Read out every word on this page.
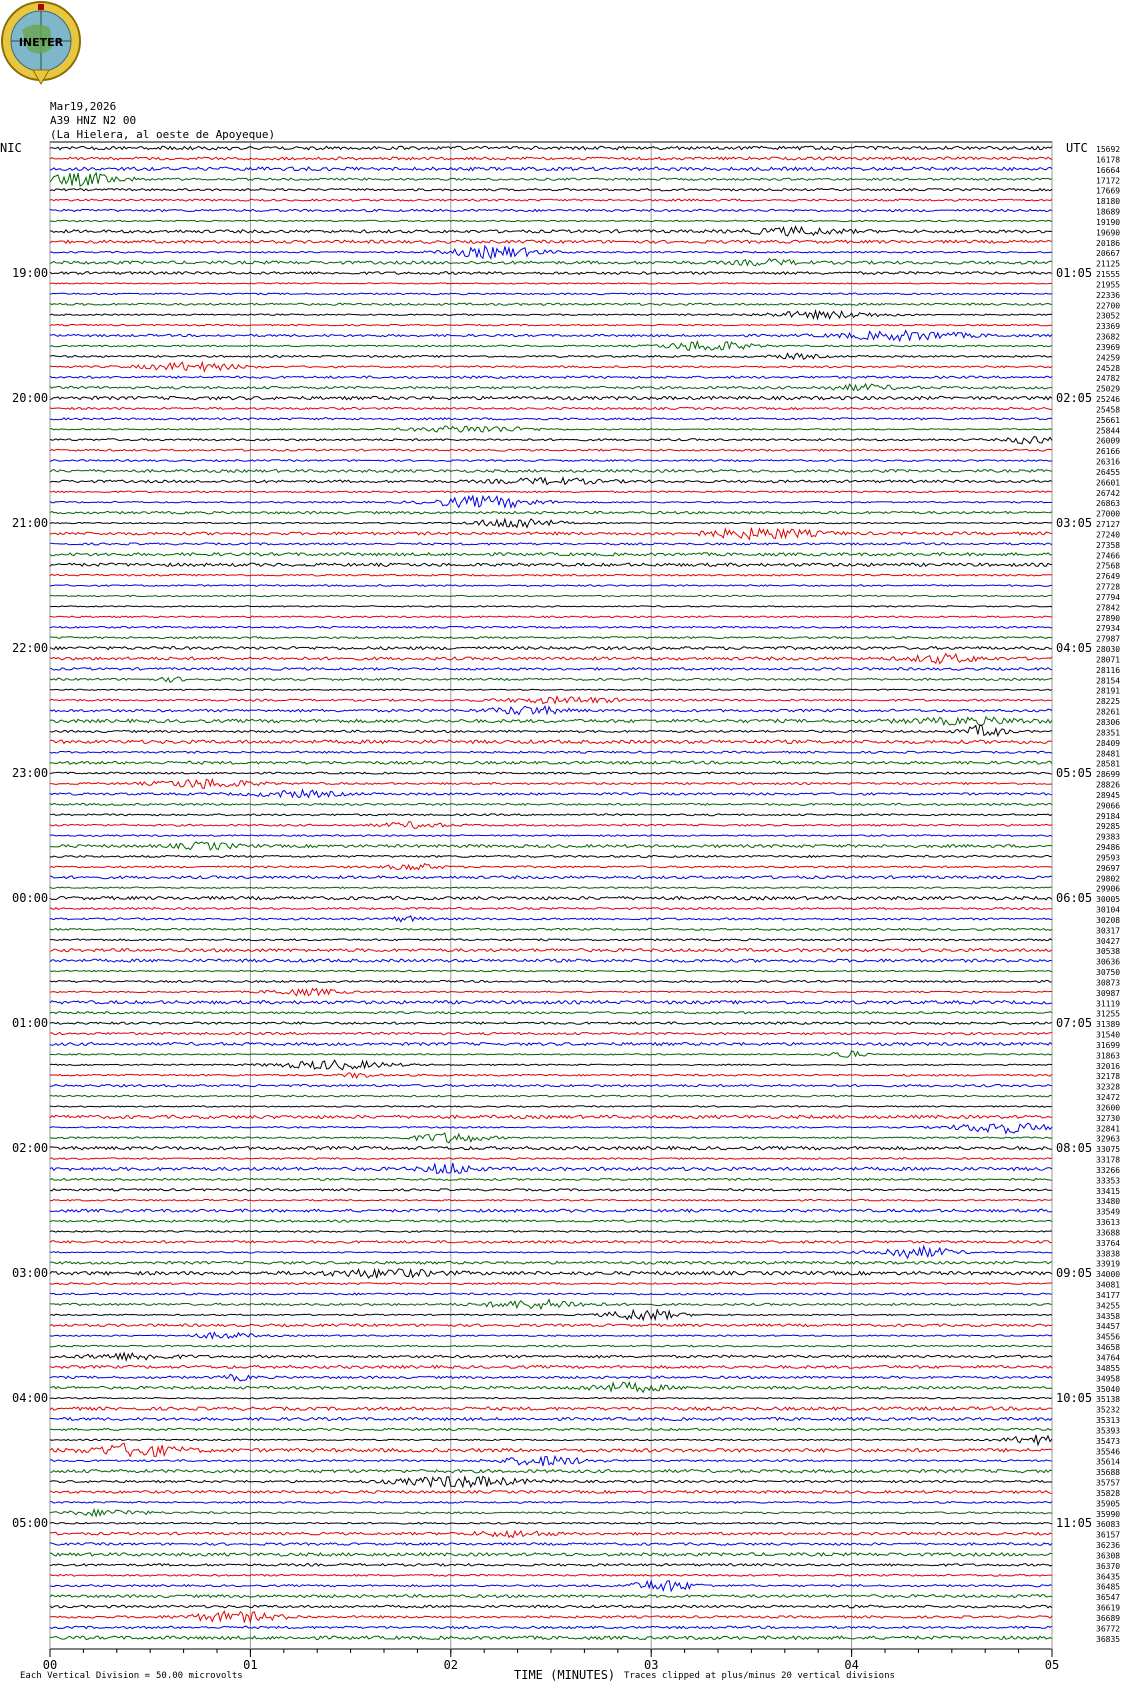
INETER
Mar19,2026
A39 HNZ N2 00
(La Hielera, al oeste de Apoyeque)
00	01	02	03	04	05
15692
16178
16664
17172
17669
18180
18689
19190
19690
20186
20667
21125
21555
21955
22336
22700
23052
23369
23682
23969
24259
24528
24782
25029
25246
25458
25661
25844
26009
26166
26316
26455
26601
26742
26863
27000
27127
27240
27358
27466
27568
27649
27728
27794
27842
27890
27934
27987
28030
28071
28116
28154
28191
28225
28261
28306
28351
28409
28481
28581
28699
28826
28945
29066
29184
29285
29383
29486
29593
29697
29802
29906
30005
30104
30208
30317
30427
30538
30636
30750
30873
30987
31119
31255
31389
31540
31699
31863
32016
32178
32328
32472
32600
32730
32841
32963
33075
33178
33266
33353
33415
33480
33549
33613
33688
33764
33838
33919
34000
34081
34177
34255
34358
34457
34556
34658
34764
34855
34958
35040
35138
35232
35313
35393
35473
35546
35614
35688
35757
35828
35905
35990
36083
36157
36236
36308
36370
36435
36485
36547
36619
36689
36772
36835
NIC	UTC
19:00
20:00
21:00
22:00
23:00
00:00
01:00
02:00
03:00
04:00
05:00
01:05
02:05
03:05
04:05
05:05
06:05
07:05
08:05
09:05
10:05
11:05
Each Vertical Division = 50.00 microvolts	TIME (MINUTES) Traces clipped at plus/minus 20 vertical divisions
